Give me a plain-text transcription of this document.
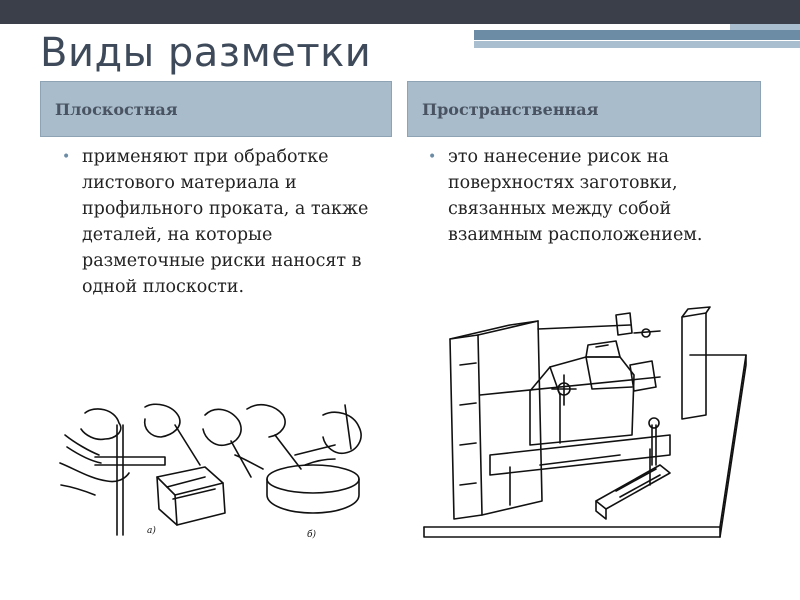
Виды разметки
Плоскостная	Пространственная
• применяют при обработке листового материала и профильного проката, а также деталей, на которые разметочные риски наносят в одной плоскости.
• это нанесение рисок на поверхностях заготовки, связанных между собой взаимным расположением.
а)	б)
